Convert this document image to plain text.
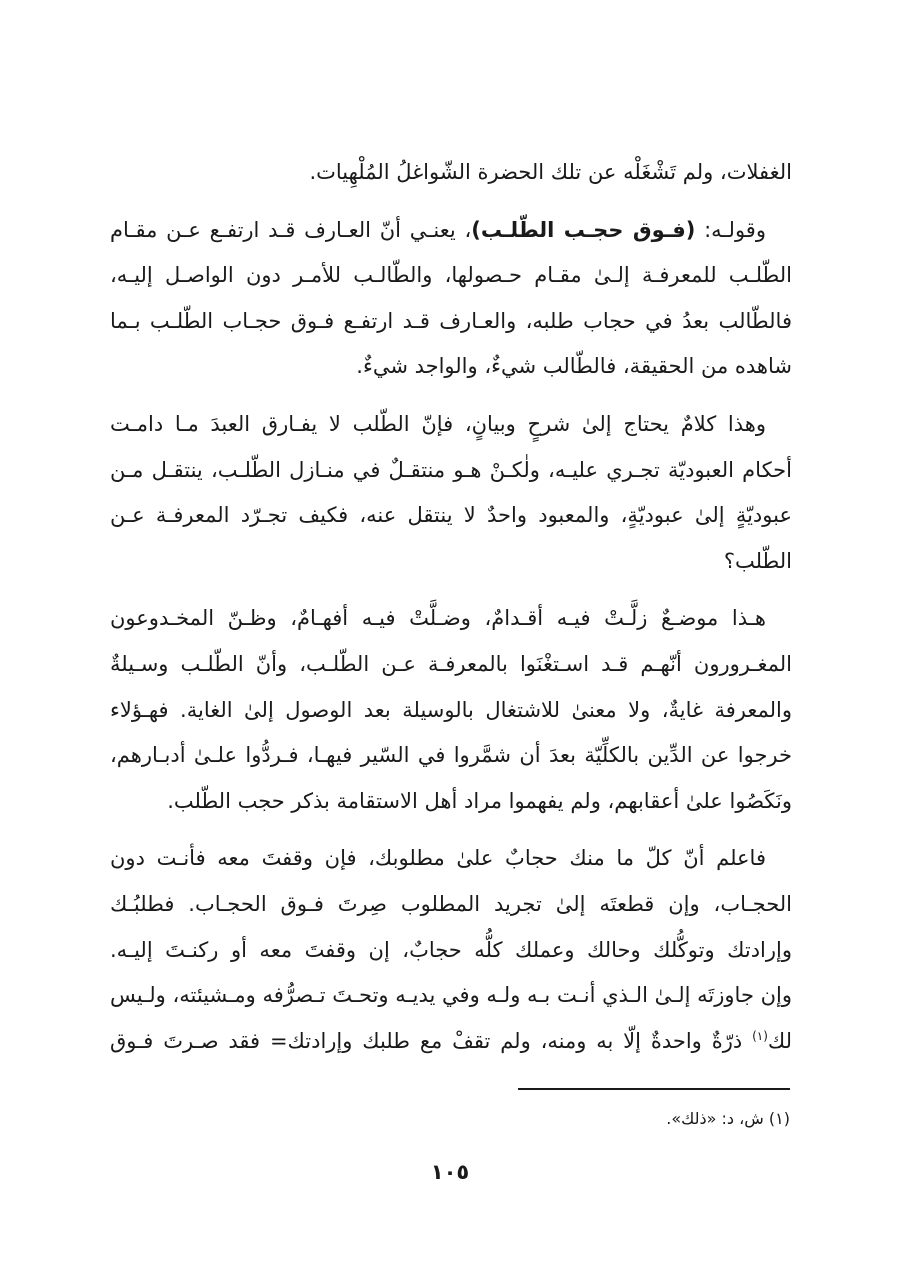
الغفلات، ولم تَشْغَلْه عن تلك الحضرة الشّواغلُ المُلْهِيات.

وقولـه: (فـوق حجـب الطّلـب)، يعنـي أنّ العـارف قـد ارتفـع عـن مقـام
الطّلـب للمعرفـة إلـىٰ مقـام حـصولها، والطّالـب للأمـر دون الواصـل إليـه،
فالطّالب بعدُ في حجاب طلبه، والعـارف قـد ارتفـع فـوق حجـاب الطّلـب بـما
شاهده من الحقيقة، فالطّالب شيءٌ، والواجد شيءٌ.

وهذا كلامٌ يحتاج إلىٰ شرحٍ وبيانٍ، فإنّ الطّلب لا يفـارق العبدَ مـا دامـت
أحكام العبوديّة تجـري عليـه، ولٰكـنْ هـو منتقـلٌ في منـازل الطّلـب، ينتقـل مـن
عبوديّةٍ إلىٰ عبوديّةٍ، والمعبود واحدٌ لا ينتقل عنه، فكيف تجـرّد المعرفـة عـن
الطّلب؟

هـذا موضـعٌ زلَّـتْ فيـه أقـدامٌ، وضـلَّتْ فيـه أفهـامٌ، وظـنّ المخـدوعون
المغـرورون أنّهـم قـد اسـتغْنَوا بالمعرفـة عـن الطّلـب، وأنّ الطّلـب وسـيلةٌ
والمعرفة غايةٌ، ولا معنىٰ للاشتغال بالوسيلة بعد الوصول إلىٰ الغاية. فهـؤلاء
خرجوا عن الدِّين بالكلِّيّة بعدَ أن شمَّروا في السّير فيهـا، فـردُّوا علـىٰ أدبـارهم،
ونَكَصُوا علىٰ أعقابهم، ولم يفهموا مراد أهل الاستقامة بذكر حجب الطّلب.

فاعلم أنّ كلّ ما منك حجابٌ علىٰ مطلوبك، فإن وقفتَ معه فأنـت دون
الحجـاب، وإن قطعتَه إلىٰ تجريد المطلوب صِرتَ فـوق الحجـاب. فطلبُـك
وإرادتك وتوكُّلك وحالك وعملك كلُّه حجابٌ، إن وقفتَ معه أو ركنـتَ إليـه.
وإن جاوزتَه إلـىٰ الـذي أنـت بـه ولـه وفي يديـه وتحـتَ تـصرُّفه ومـشيئته، ولـيس
لك$^{(١)}$ ذرّةٌ واحدةٌ إلّا به ومنه، ولم تقفْ مع طلبك وإرادتك= فقد صـرتَ فـوق

(١) ش، د: «ذلك».
١٠٥
